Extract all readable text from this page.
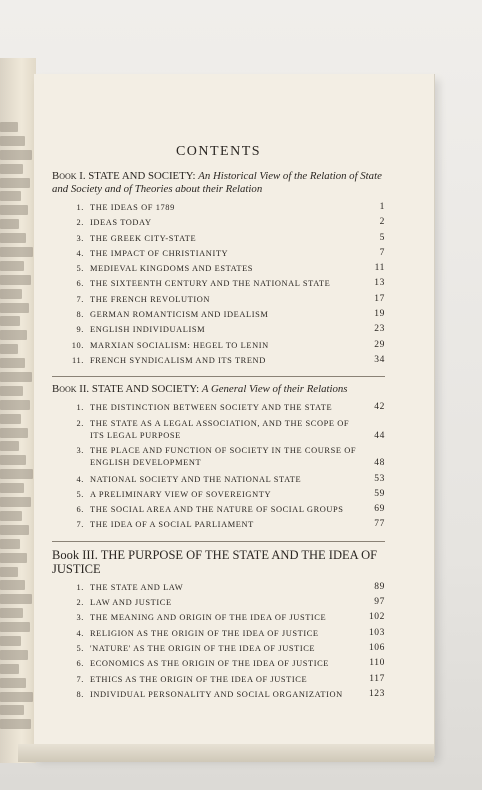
CONTENTS
Book I. STATE AND SOCIETY: An Historical View of the Relation of State and Society and of Theories about their Relation
1. THE IDEAS OF 1789	1
2. IDEAS TODAY	2
3. THE GREEK CITY-STATE	5
4. THE IMPACT OF CHRISTIANITY	7
5. MEDIEVAL KINGDOMS AND ESTATES	11
6. THE SIXTEENTH CENTURY AND THE NATIONAL STATE	13
7. THE FRENCH REVOLUTION	17
8. GERMAN ROMANTICISM AND IDEALISM	19
9. ENGLISH INDIVIDUALISM	23
10. MARXIAN SOCIALISM: HEGEL TO LENIN	29
11. FRENCH SYNDICALISM AND ITS TREND	34
Book II. STATE AND SOCIETY: A General View of their Relations
1. THE DISTINCTION BETWEEN SOCIETY AND THE STATE	42
2. THE STATE AS A LEGAL ASSOCIATION, AND THE SCOPE OF ITS LEGAL PURPOSE	44
3. THE PLACE AND FUNCTION OF SOCIETY IN THE COURSE OF ENGLISH DEVELOPMENT	48
4. NATIONAL SOCIETY AND THE NATIONAL STATE	53
5. A PRELIMINARY VIEW OF SOVEREIGNTY	59
6. THE SOCIAL AREA AND THE NATURE OF SOCIAL GROUPS	69
7. THE IDEA OF A SOCIAL PARLIAMENT	77
Book III. THE PURPOSE OF THE STATE AND THE IDEA OF JUSTICE
1. THE STATE AND LAW	89
2. LAW AND JUSTICE	97
3. THE MEANING AND ORIGIN OF THE IDEA OF JUSTICE	102
4. RELIGION AS THE ORIGIN OF THE IDEA OF JUSTICE	103
5. 'NATURE' AS THE ORIGIN OF THE IDEA OF JUSTICE	106
6. ECONOMICS AS THE ORIGIN OF THE IDEA OF JUSTICE	110
7. ETHICS AS THE ORIGIN OF THE IDEA OF JUSTICE	117
8. INDIVIDUAL PERSONALITY AND SOCIAL ORGANIZATION	123
